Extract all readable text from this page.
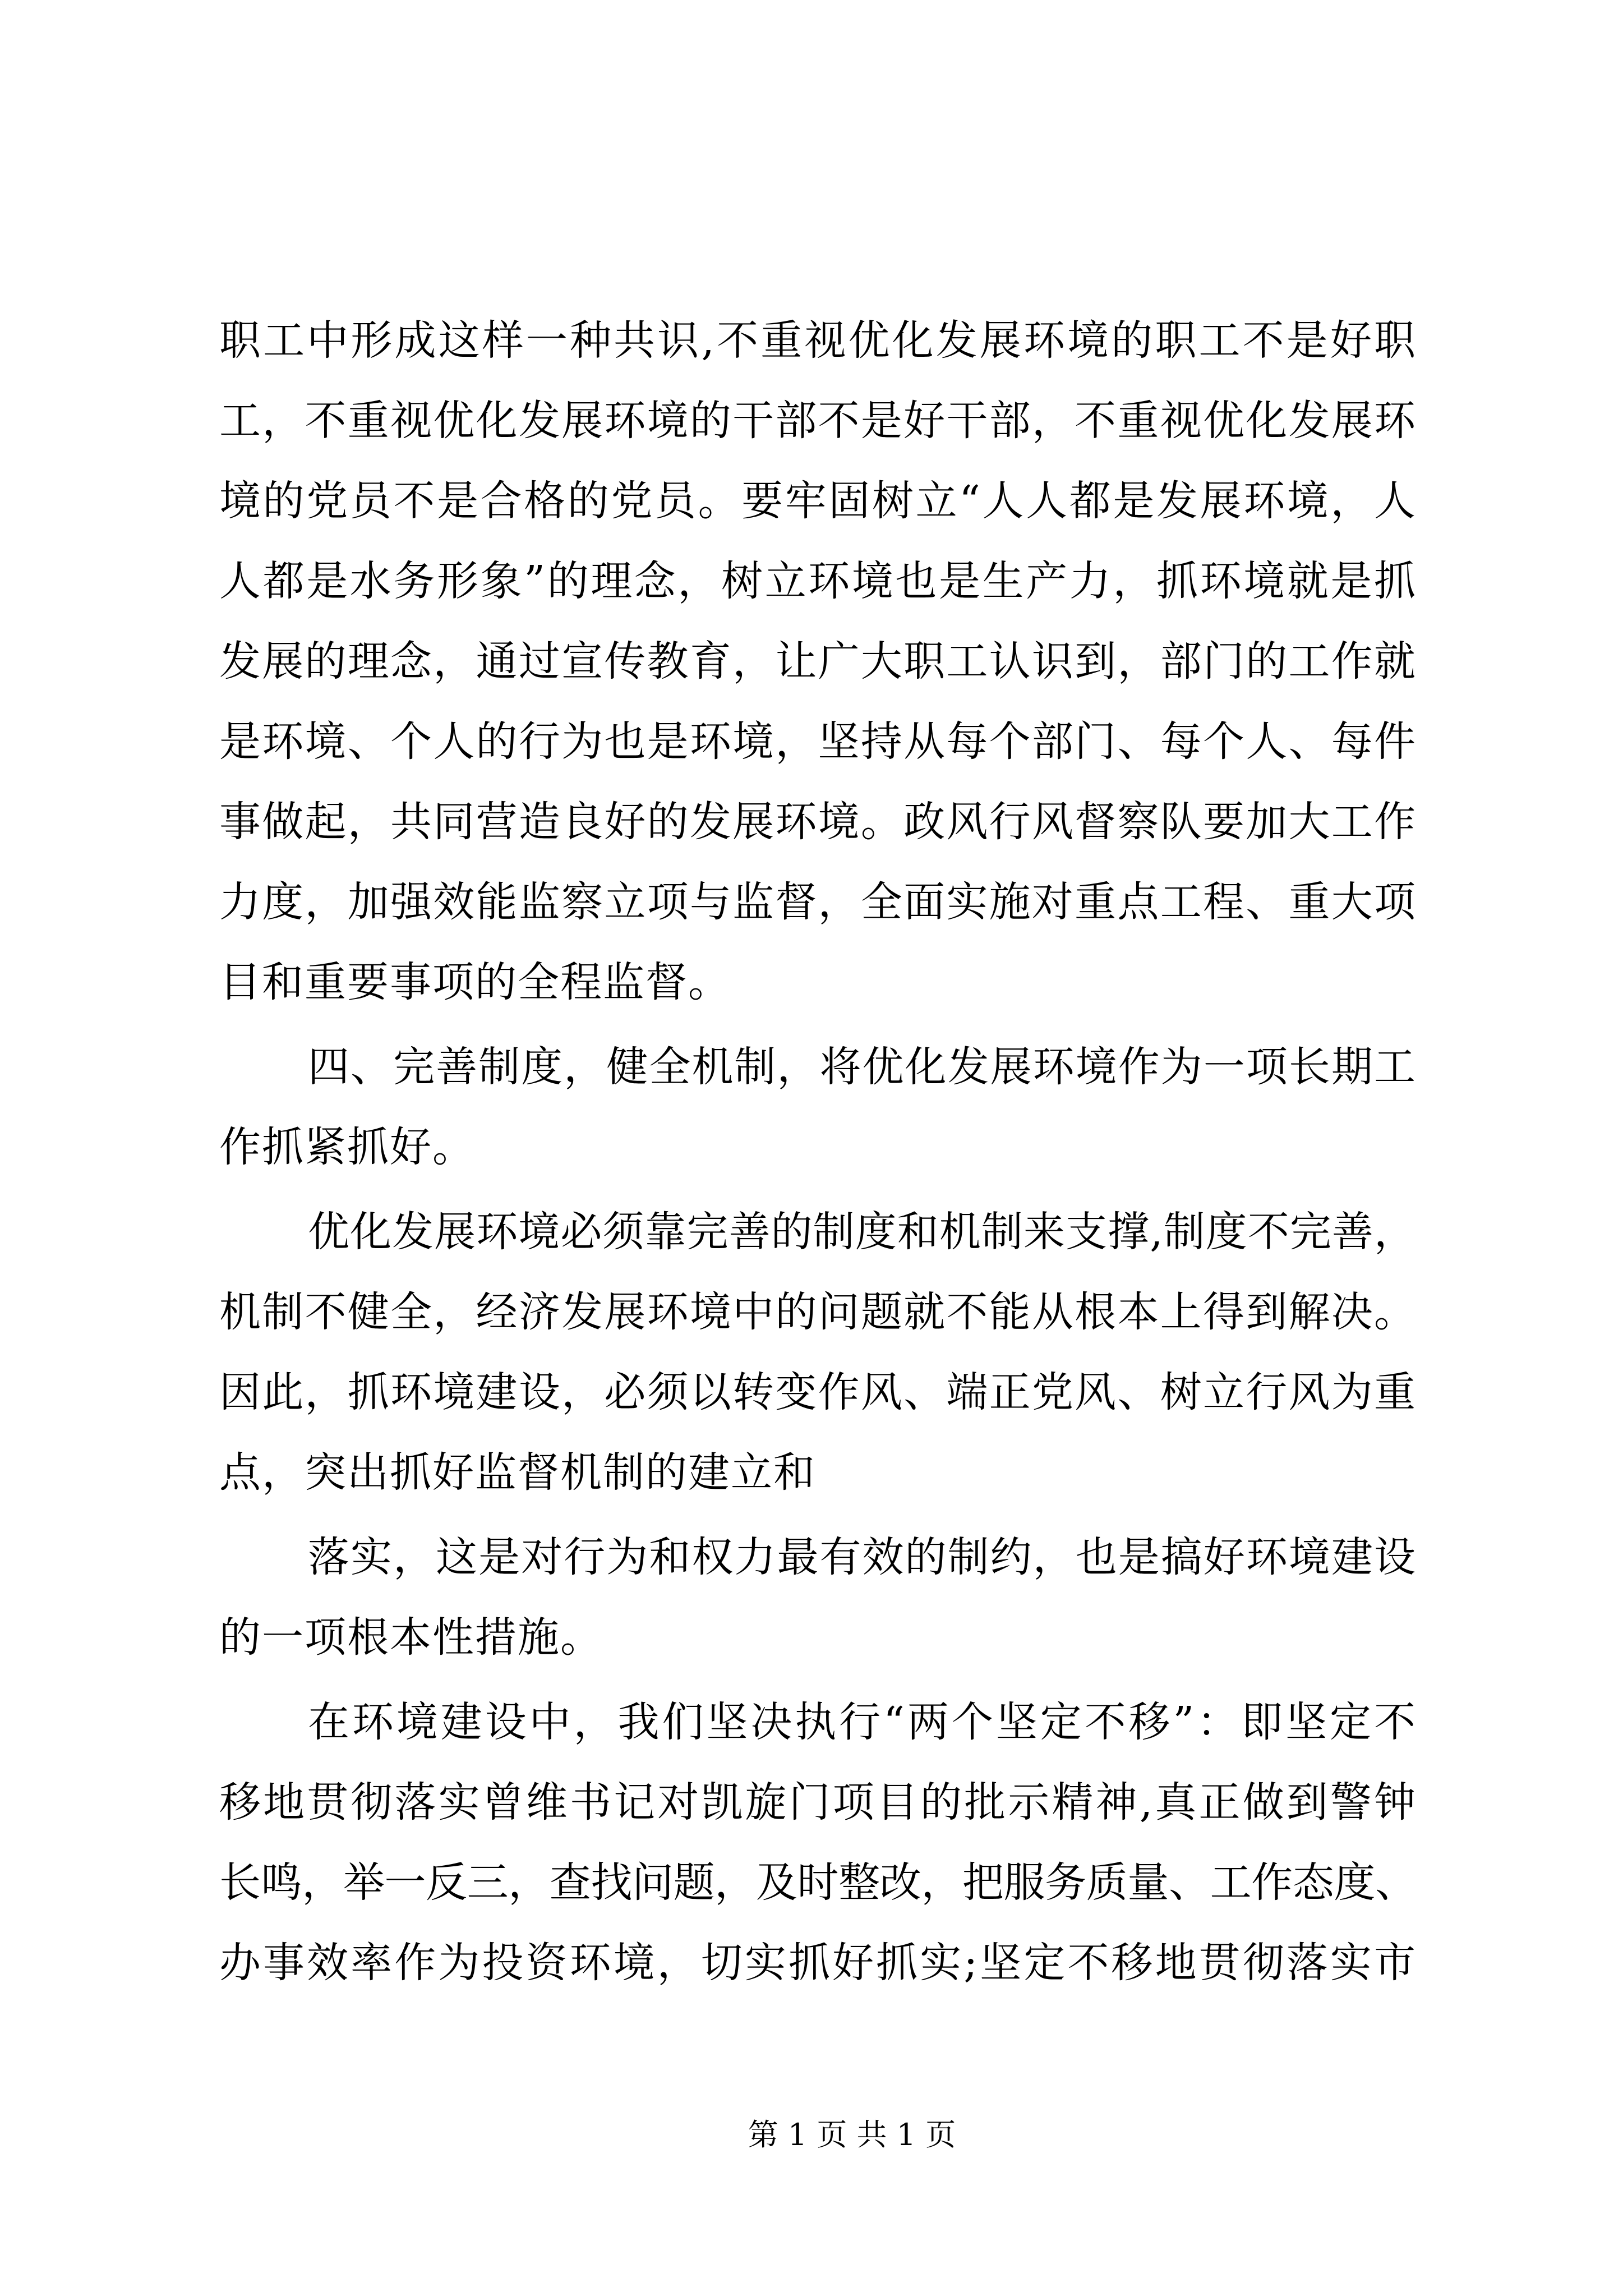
职工中形成这样一种共识,不重视优化发展环境的职工不是好职
工，不重视优化发展环境的干部不是好干部，不重视优化发展环
境的党员不是合格的党员。要牢固树立“人人都是发展环境，人
人都是水务形象”的理念，树立环境也是生产力，抓环境就是抓
发展的理念，通过宣传教育，让广大职工认识到，部门的工作就
是环境、个人的行为也是环境，坚持从每个部门、每个人、每件
事做起，共同营造良好的发展环境。政风行风督察队要加大工作
力度，加强效能监察立项与监督，全面实施对重点工程、重大项
目和重要事项的全程监督。
四、完善制度，健全机制，将优化发展环境作为一项长期工
作抓紧抓好。
优化发展环境必须靠完善的制度和机制来支撑,制度不完善，
机制不健全，经济发展环境中的问题就不能从根本上得到解决。
因此，抓环境建设，必须以转变作风、端正党风、树立行风为重
点，突出抓好监督机制的建立和
落实，这是对行为和权力最有效的制约，也是搞好环境建设
的一项根本性措施。
在环境建设中，我们坚决执行“两个坚定不移”：即坚定不
移地贯彻落实曾维书记对凯旋门项目的批示精神,真正做到警钟
长鸣，举一反三，查找问题，及时整改，把服务质量、工作态度、
办事效率作为投资环境，切实抓好抓实;坚定不移地贯彻落实市
第 1 页 共 1 页
